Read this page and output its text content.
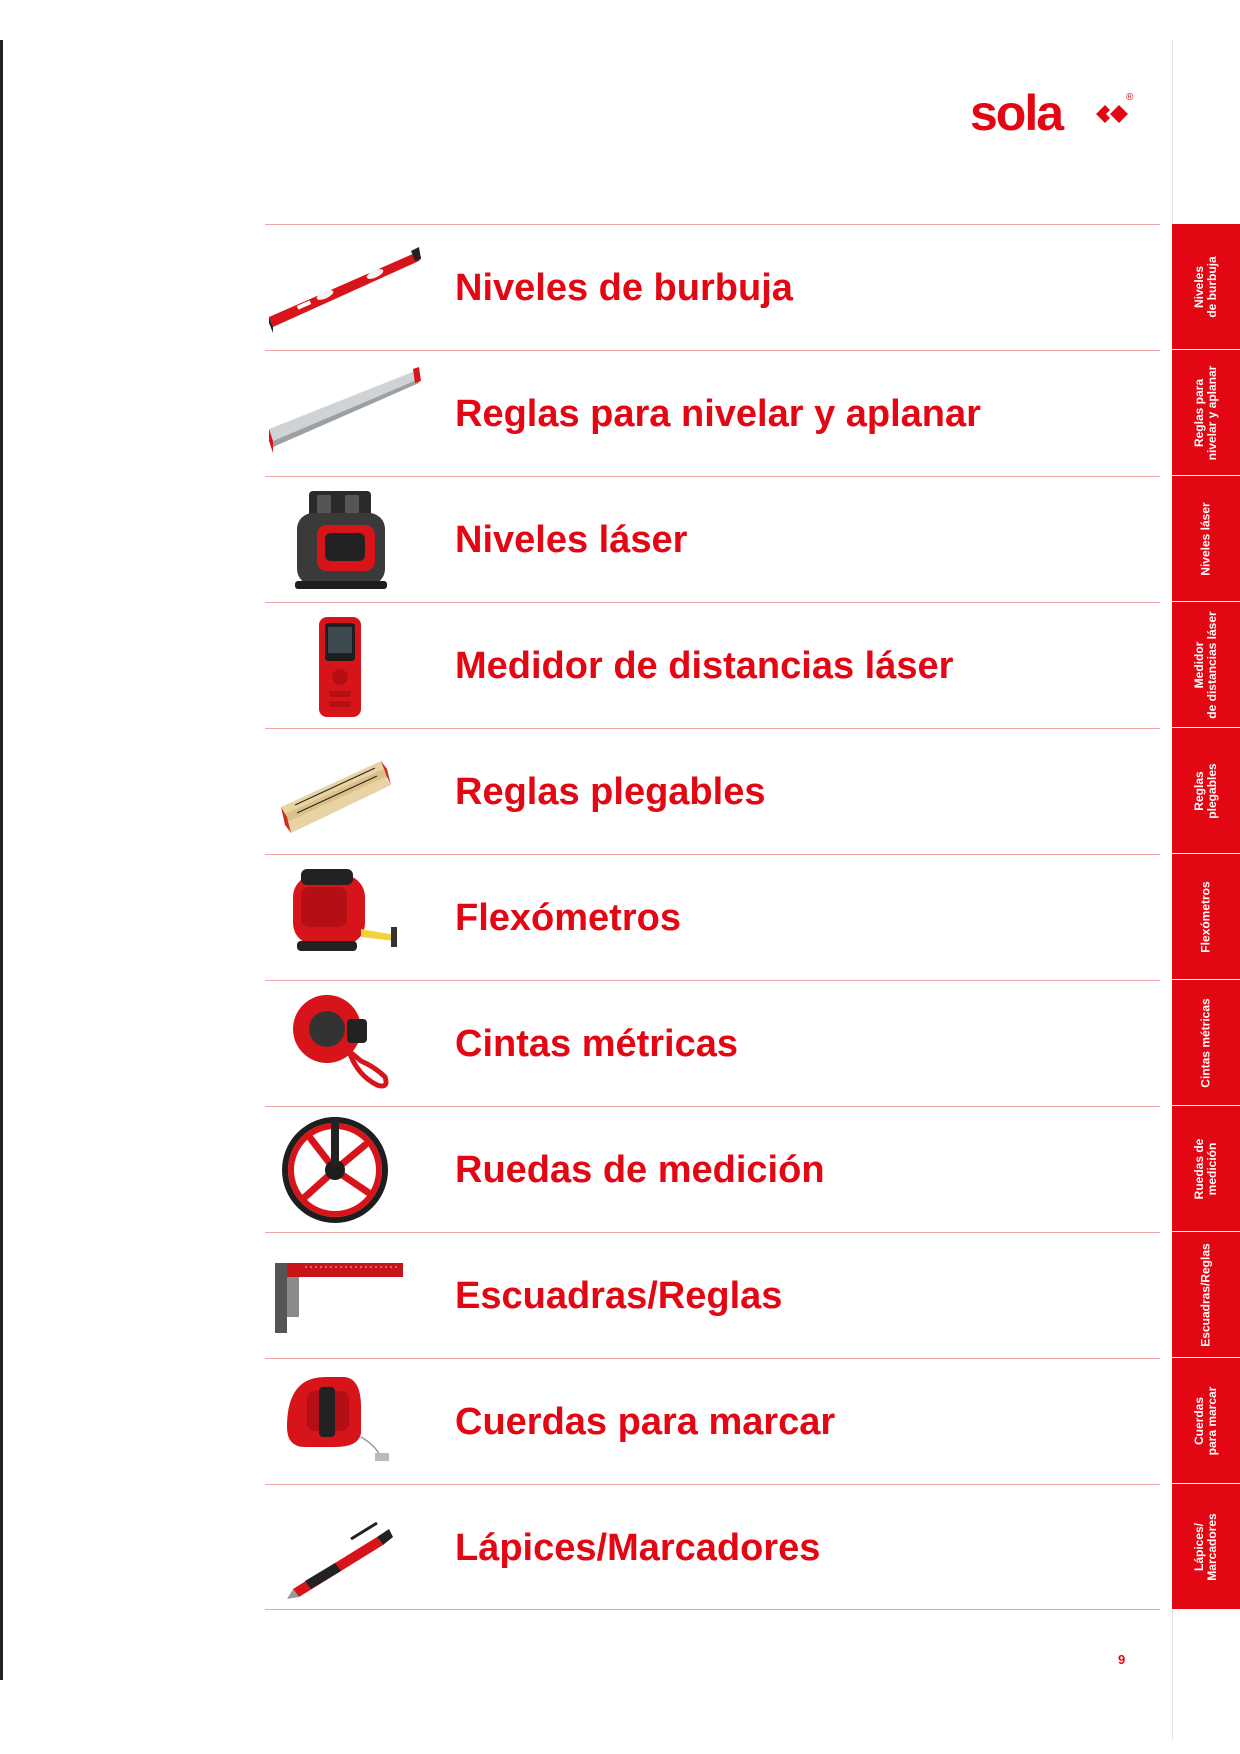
sola	®
Niveles de burbuja
Reglas para nivelar y aplanar
Niveles láser
Medidor de distancias láser
Reglas plegables
Flexómetros
Cintas métricas
Ruedas de medición
Escuadras/Reglas
Cuerdas para marcar
Lápices/Marcadores
Niveles
de burbuja
Reglas para
nivelar y aplanar
Niveles láser
Medidor
de distancias láser
Reglas
plegables
Flexómetros
Cintas métricas
Ruedas de
medición
Escuadras/Reglas
Cuerdas
para marcar
Lápices/
Marcadores
9
